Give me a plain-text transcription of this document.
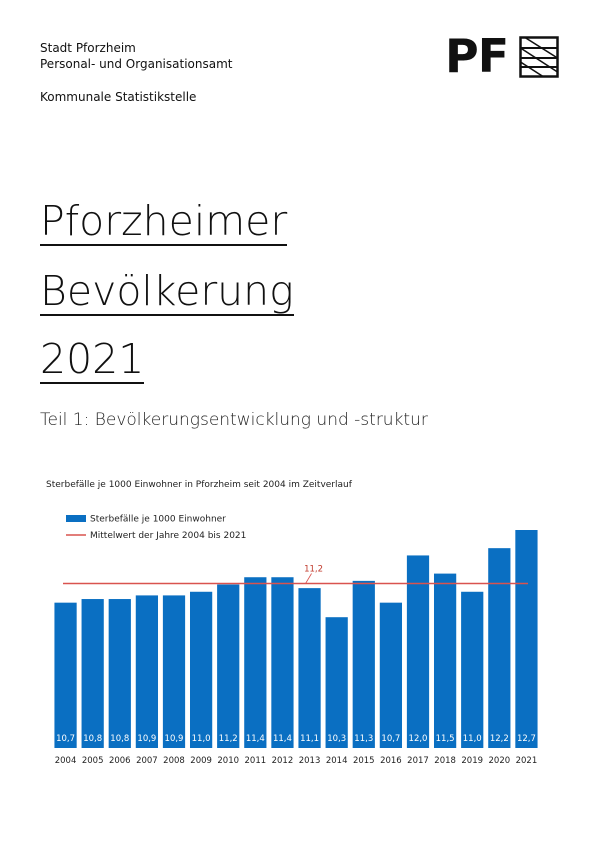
Stadt Pforzheim
Personal- und Organisationsamt
Kommunale Statistikstelle
PF
Pforzheimer
Bevölkerung
2021
Teil 1: Bevölkerungsentwicklung und -struktur
Sterbefälle je 1000 Einwohner in Pforzheim seit 2004 im Zeitverlauf
Sterbefälle je 1000 Einwohner
Mittelwert der Jahre 2004 bis 2021
10,7
2004
10,8
2005
10,8
2006
10,9
2007
10,9
2008
11,0
2009
11,2
2010
11,4
2011
11,4
2012
11,1
2013
10,3
2014
11,3
2015
10,7
2016
12,0
2017
11,5
2018
11,0
2019
12,2
2020
12,7
2021
11,2
